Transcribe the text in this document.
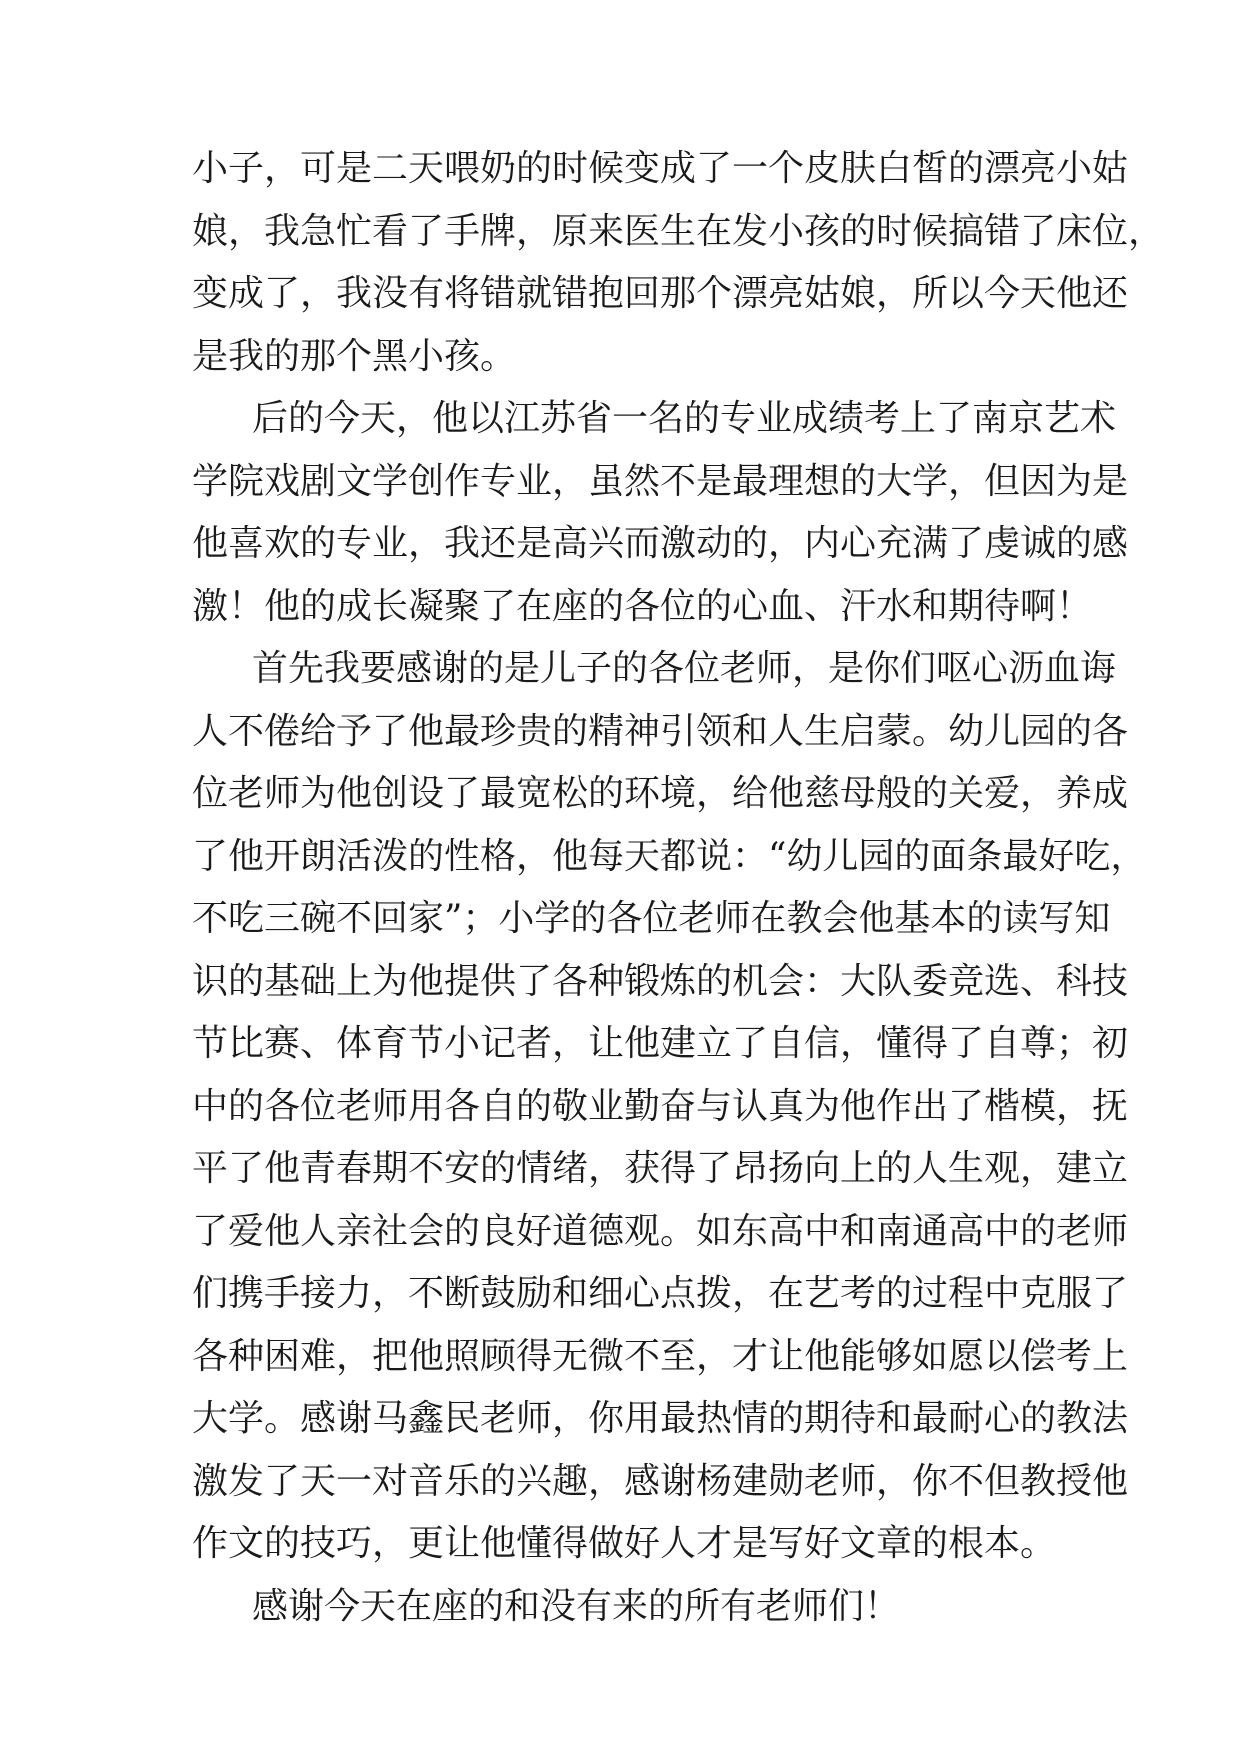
小子，可是二天喂奶的时候变成了一个皮肤白皙的漂亮小姑
娘，我急忙看了手牌，原来医生在发小孩的时候搞错了床位，
变成了，我没有将错就错抱回那个漂亮姑娘，所以今天他还
是我的那个黑小孩。
后的今天，他以江苏省一名的专业成绩考上了南京艺术
学院戏剧文学创作专业，虽然不是最理想的大学，但因为是
他喜欢的专业，我还是高兴而激动的，内心充满了虔诚的感
激！他的成长凝聚了在座的各位的心血、汗水和期待啊！
首先我要感谢的是儿子的各位老师，是你们呕心沥血诲
人不倦给予了他最珍贵的精神引领和人生启蒙。幼儿园的各
位老师为他创设了最宽松的环境，给他慈母般的关爱，养成
了他开朗活泼的性格，他每天都说：“幼儿园的面条最好吃，
不吃三碗不回家”；小学的各位老师在教会他基本的读写知
识的基础上为他提供了各种锻炼的机会：大队委竞选、科技
节比赛、体育节小记者，让他建立了自信，懂得了自尊；初
中的各位老师用各自的敬业勤奋与认真为他作出了楷模，抚
平了他青春期不安的情绪，获得了昂扬向上的人生观，建立
了爱他人亲社会的良好道德观。如东高中和南通高中的老师
们携手接力，不断鼓励和细心点拨，在艺考的过程中克服了
各种困难，把他照顾得无微不至，才让他能够如愿以偿考上
大学。感谢马鑫民老师，你用最热情的期待和最耐心的教法
激发了天一对音乐的兴趣，感谢杨建勋老师，你不但教授他
作文的技巧，更让他懂得做好人才是写好文章的根本。
感谢今天在座的和没有来的所有老师们！
